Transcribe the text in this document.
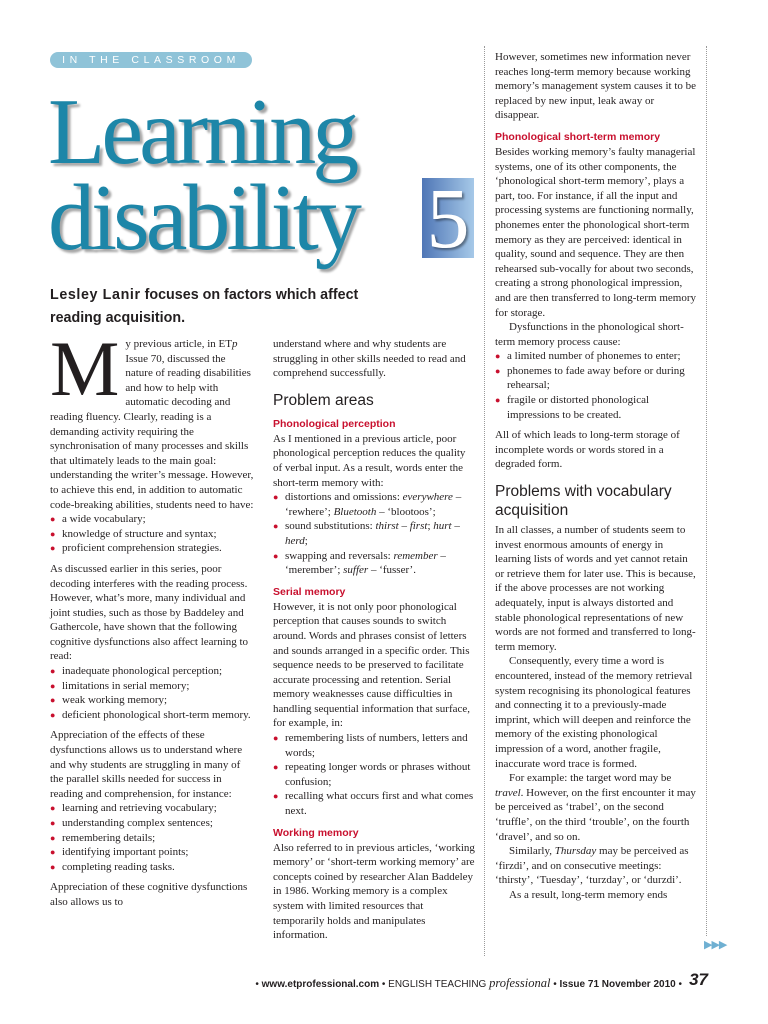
IN THE CLASSROOM
Learning
disability 5
Lesley Lanir focuses on factors which affect reading acquisition.

My previous article, in ETp Issue 70, discussed the nature of reading disabilities and how to help with automatic decoding and reading fluency. Clearly, reading is a demanding activity requiring the synchronisation of many processes and skills that ultimately leads to the main goal: understanding the writer’s message. However, to achieve this end, in addition to automatic code-breaking abilities, students need to have:

● a wide vocabulary;
● knowledge of structure and syntax;
● proficient comprehension strategies.

As discussed earlier in this series, poor decoding interferes with the reading process. However, what’s more, many individual and joint studies, such as those by Baddeley and Gathercole, have shown that the following cognitive dysfunctions also affect learning to read:

● inadequate phonological perception;
● limitations in serial memory;
● weak working memory;
● deficient phonological short-term memory.

Appreciation of the effects of these dysfunctions allows us to understand where and why students are struggling in many of the parallel skills needed for success in reading and comprehension, for instance:

● learning and retrieving vocabulary;
● understanding complex sentences;
● remembering details;
● identifying important points;
● completing reading tasks.

Appreciation of these cognitive dysfunctions also allows us to

understand where and why students are struggling in other skills needed to read and comprehend successfully.

Problem areas
Phonological perception

As I mentioned in a previous article, poor phonological perception reduces the quality of verbal input. As a result, words enter the short-term memory with:

● distortions and omissions: everywhere – ‘rewhere’; Bluetooth – ‘blootoos’;
● sound substitutions: thirst – first; hurt – herd;
● swapping and reversals: remember – ‘merember’; suffer – ‘fusser’.
Serial memory

However, it is not only poor phonological perception that causes sounds to switch around. Words and phrases consist of letters and sounds arranged in a specific order. This sequence needs to be preserved to facilitate accurate processing and retention. Serial memory weaknesses cause difficulties in handling sequential information that surface, for example, in:

● remembering lists of numbers, letters and words;
● repeating longer words or phrases without confusion;
● recalling what occurs first and what comes next.
Working memory

Also referred to in previous articles, ‘working memory’ or ‘short-term working memory’ are concepts coined by researcher Alan Baddeley in 1986. Working memory is a complex system with limited resources that temporarily holds and manipulates information.

However, sometimes new information never reaches long-term memory because working memory’s management system causes it to be replaced by new input, leak away or disappear.

Phonological short-term memory

Besides working memory’s faulty managerial systems, one of its other components, the ‘phonological short-term memory’, plays a part, too. For instance, if all the input and processing systems are functioning normally, phonemes enter the phonological short-term memory as they are perceived: identical in quality, sound and sequence. They are then rehearsed sub-vocally for about two seconds, creating a strong phonological impression, and are then transferred to long-term memory for storage.

Dysfunctions in the phonological short-term memory process cause:

● a limited number of phonemes to enter;
● phonemes to fade away before or during rehearsal;
● fragile or distorted phonological impressions to be created.

All of which leads to long-term storage of incomplete words or words stored in a degraded form.

Problems with vocabulary acquisition

In all classes, a number of students seem to invest enormous amounts of energy in learning lists of words and yet cannot retain or retrieve them for later use. This is because, if the above processes are not working adequately, input is always distorted and stable phonological representations of new words are not formed and transferred to long-term memory.

Consequently, every time a word is encountered, instead of the memory retrieval system recognising its phonological features and connecting it to a previously-made imprint, which will deepen and reinforce the memory of the existing phonological impression of a word, another fragile, inaccurate word trace is formed.

For example: the target word may be travel. However, on the first encounter it may be perceived as ‘trabel’, on the second ‘truffle’, on the third ‘trouble’, on the fourth ‘dravel’, and so on.

Similarly, Thursday may be perceived as ‘firzdi’, and on consecutive meetings: ‘thirsty’, ‘Tuesday’, ‘turzday’, or ‘durzdi’.

As a result, long-term memory ends

▶▶▶
• www.etprofessional.com • ENGLISH TEACHING professional • Issue 71 November 2010 • 37
